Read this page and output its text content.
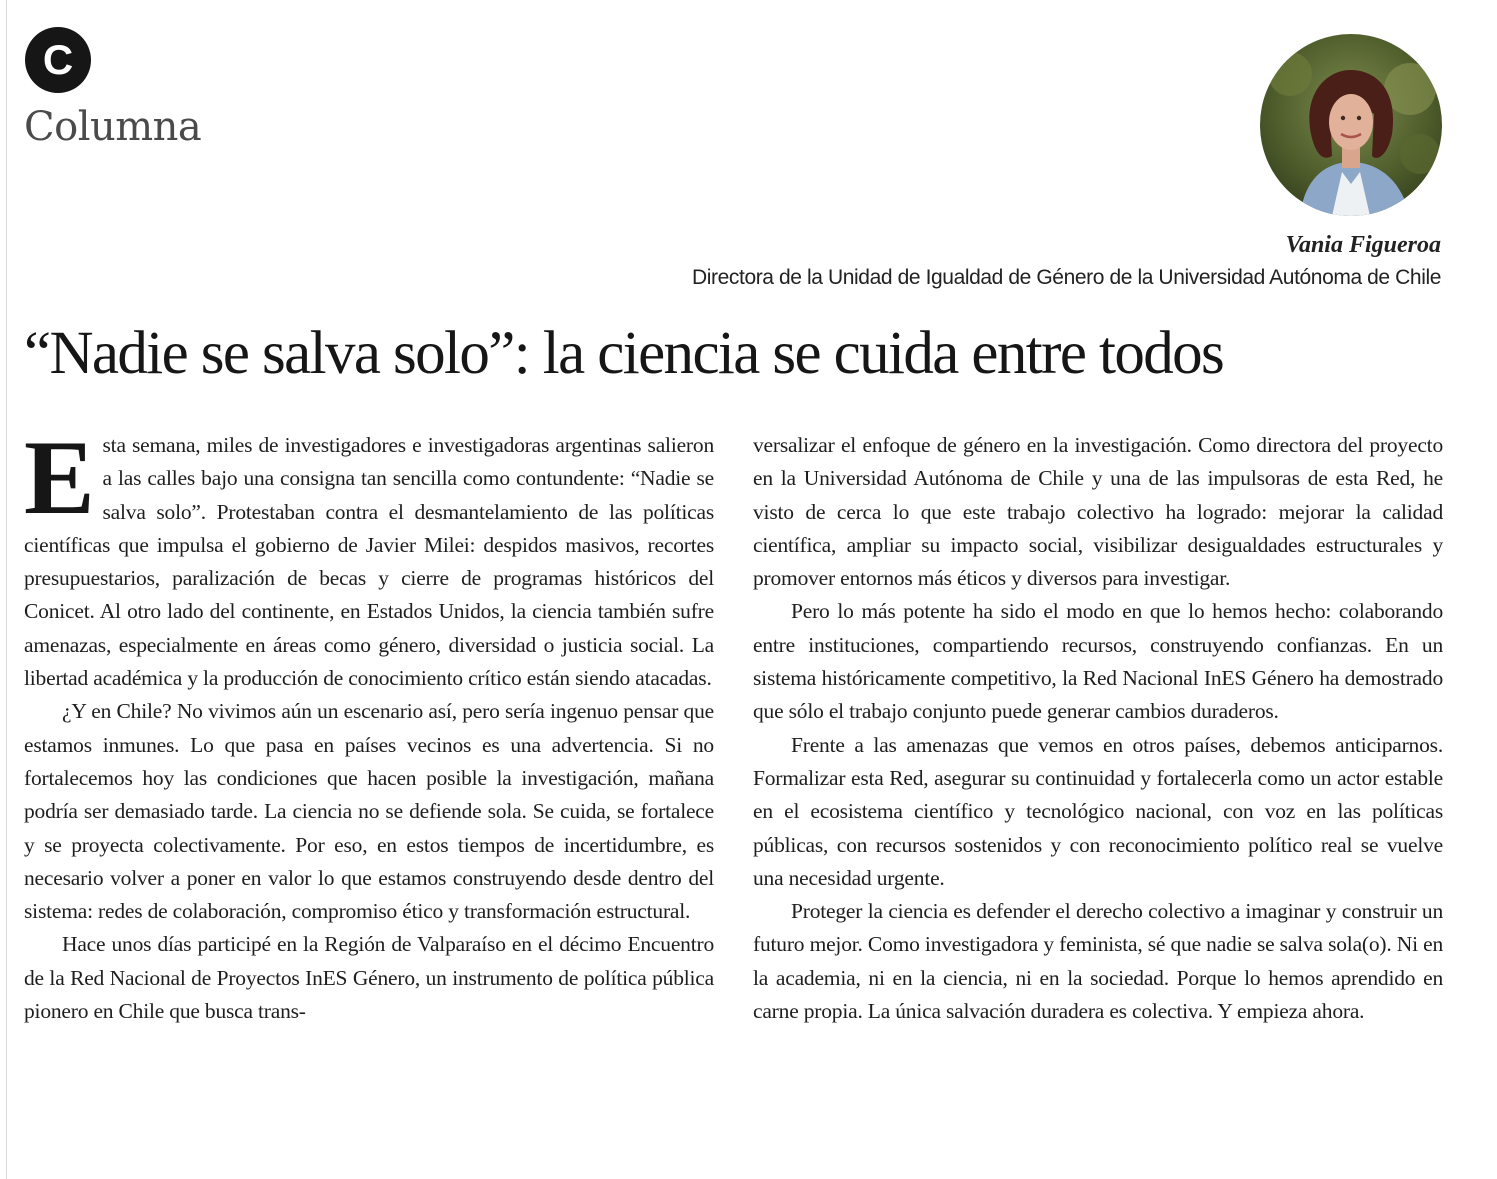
C
Columna
Vania Figueroa
Directora de la Unidad de Igualdad de Género de la Universidad Autónoma de Chile
“Nadie se salva solo”: la ciencia se cuida entre todos

Esta semana, miles de investigadores e investigadoras argentinas salieron a las calles bajo una consigna tan sencilla como contundente: “Nadie se salva solo”. Protestaban contra el desmantelamiento de las políticas científicas que impulsa el gobierno de Javier Milei: despidos masivos, recortes presupuestarios, paralización de becas y cierre de programas históricos del Conicet. Al otro lado del continente, en Estados Unidos, la ciencia también sufre amenazas, especialmente en áreas como género, diversidad o justicia social. La libertad académica y la producción de conocimiento crítico están siendo atacadas.

¿Y en Chile? No vivimos aún un escenario así, pero sería ingenuo pensar que estamos inmunes. Lo que pasa en países vecinos es una advertencia. Si no fortalecemos hoy las condiciones que hacen posible la investigación, mañana podría ser demasiado tarde. La ciencia no se defiende sola. Se cuida, se fortalece y se proyecta colectivamente. Por eso, en estos tiempos de incertidumbre, es necesario volver a poner en valor lo que estamos construyendo desde dentro del sistema: redes de colaboración, compromiso ético y transformación estructural.

Hace unos días participé en la Región de Valparaíso en el décimo Encuentro de la Red Nacional de Proyectos InES Género, un instrumento de política pública pionero en Chile que busca trans-

versalizar el enfoque de género en la investigación. Como directora del proyecto en la Universidad Autónoma de Chile y una de las impulsoras de esta Red, he visto de cerca lo que este trabajo colectivo ha logrado: mejorar la calidad científica, ampliar su impacto social, visibilizar desigualdades estructurales y promover entornos más éticos y diversos para investigar.

Pero lo más potente ha sido el modo en que lo hemos hecho: colaborando entre instituciones, compartiendo recursos, construyendo confianzas. En un sistema históricamente competitivo, la Red Nacional InES Género ha demostrado que sólo el trabajo conjunto puede generar cambios duraderos.

Frente a las amenazas que vemos en otros países, debemos anticiparnos. Formalizar esta Red, asegurar su continuidad y fortalecerla como un actor estable en el ecosistema científico y tecnológico nacional, con voz en las políticas públicas, con recursos sostenidos y con reconocimiento político real se vuelve una necesidad urgente.

Proteger la ciencia es defender el derecho colectivo a imaginar y construir un futuro mejor. Como investigadora y feminista, sé que nadie se salva sola(o). Ni en la academia, ni en la ciencia, ni en la sociedad. Porque lo hemos aprendido en carne propia. La única salvación duradera es colectiva. Y empieza ahora.
